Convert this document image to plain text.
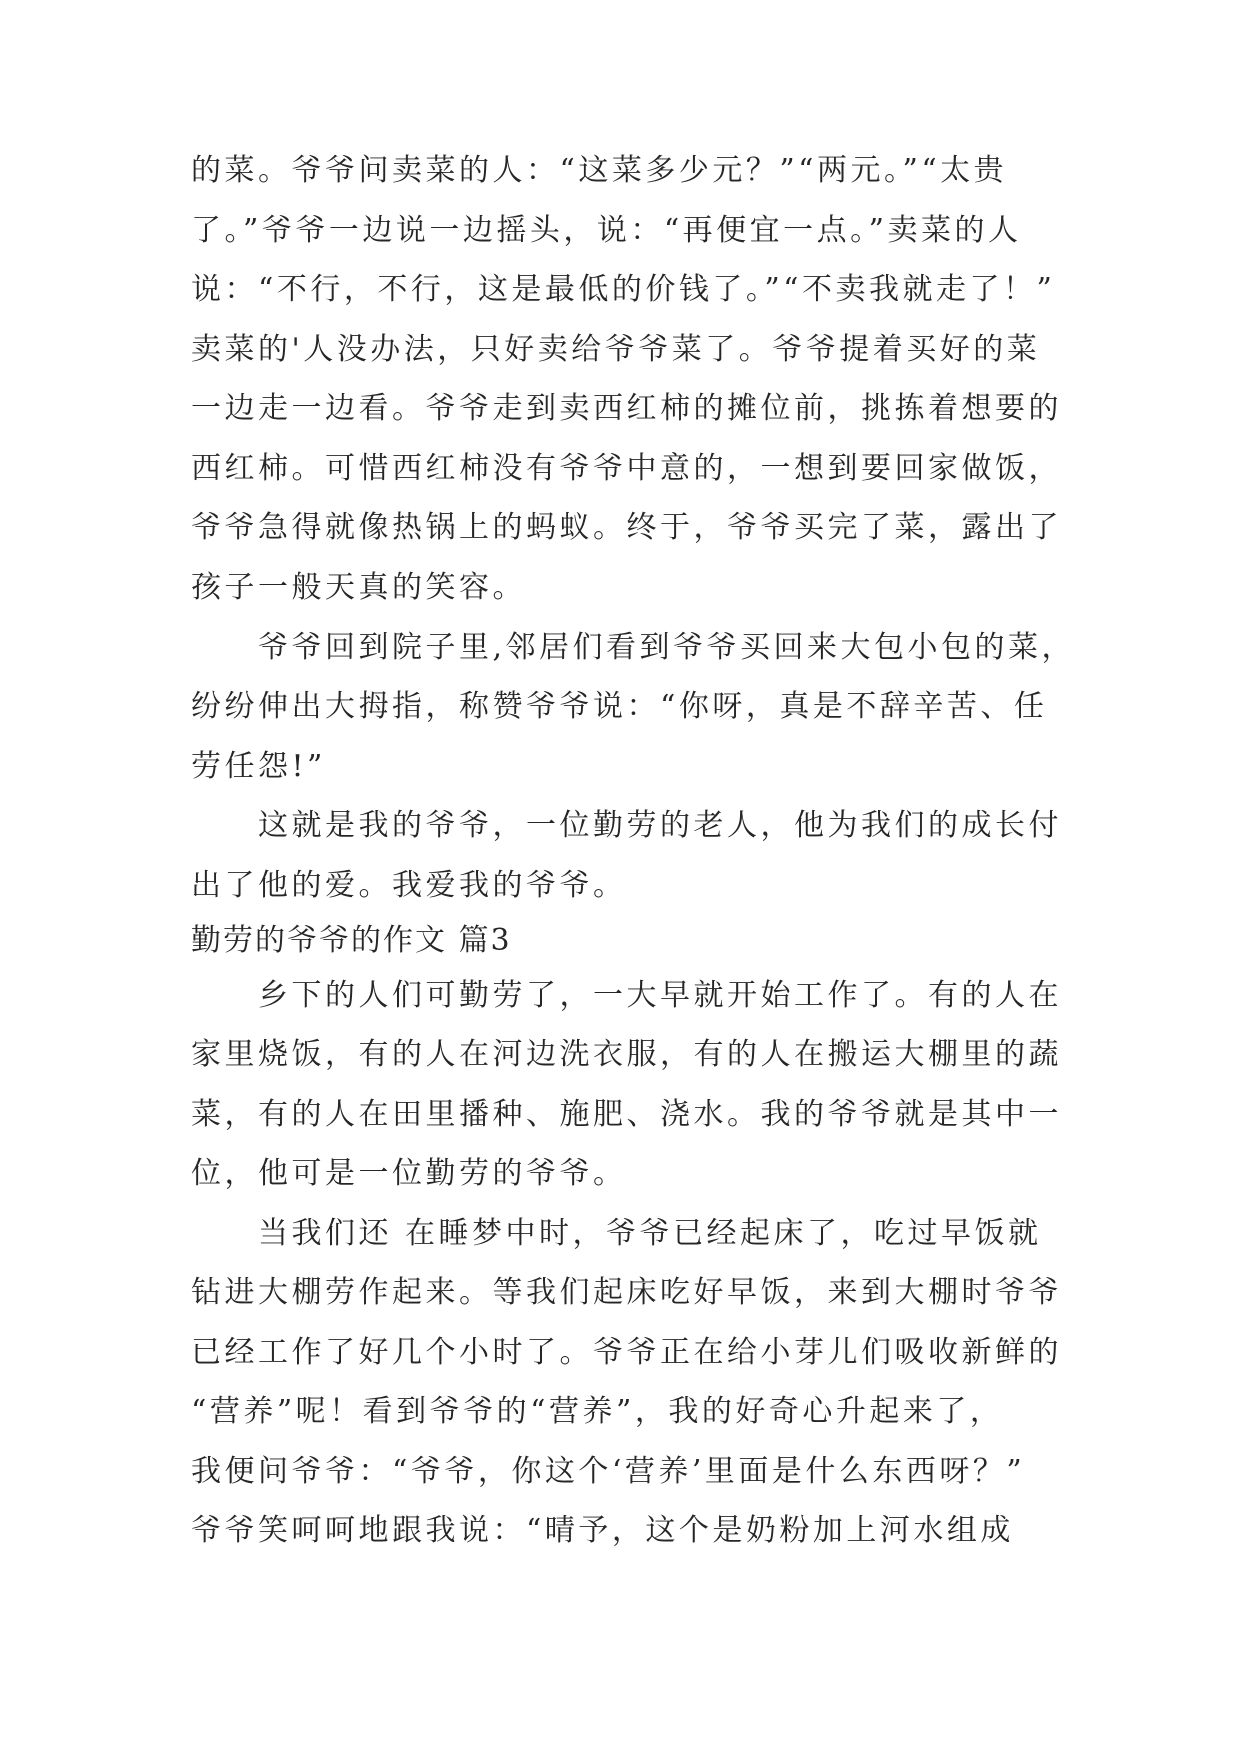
的菜。爷爷问卖菜的人：“这菜多少元？”“两元。”“太贵
了。”爷爷一边说一边摇头，说：“再便宜一点。”卖菜的人
说：“不行，不行，这是最低的价钱了。”“不卖我就走了！”
卖菜的'人没办法，只好卖给爷爷菜了。爷爷提着买好的菜
一边走一边看。爷爷走到卖西红柿的摊位前，挑拣着想要的
西红柿。可惜西红柿没有爷爷中意的，一想到要回家做饭，
爷爷急得就像热锅上的蚂蚁。终于，爷爷买完了菜，露出了
孩子一般天真的笑容。
　　爷爷回到院子里,邻居们看到爷爷买回来大包小包的菜，
纷纷伸出大拇指，称赞爷爷说：“你呀，真是不辞辛苦、任
劳任怨!”
　　这就是我的爷爷，一位勤劳的老人，他为我们的成长付
出了他的爱。我爱我的爷爷。
勤劳的爷爷的作文 篇3
　　乡下的人们可勤劳了，一大早就开始工作了。有的人在
家里烧饭，有的人在河边洗衣服，有的人在搬运大棚里的蔬
菜，有的人在田里播种、施肥、浇水。我的爷爷就是其中一
位，他可是一位勤劳的爷爷。
　　当我们还 在睡梦中时，爷爷已经起床了，吃过早饭就
钻进大棚劳作起来。等我们起床吃好早饭，来到大棚时爷爷
已经工作了好几个小时了。爷爷正在给小芽儿们吸收新鲜的
“营养”呢！看到爷爷的“营养”，我的好奇心升起来了，
我便问爷爷：“爷爷，你这个‘营养’里面是什么东西呀？”
爷爷笑呵呵地跟我说：“晴予，这个是奶粉加上河水组成
